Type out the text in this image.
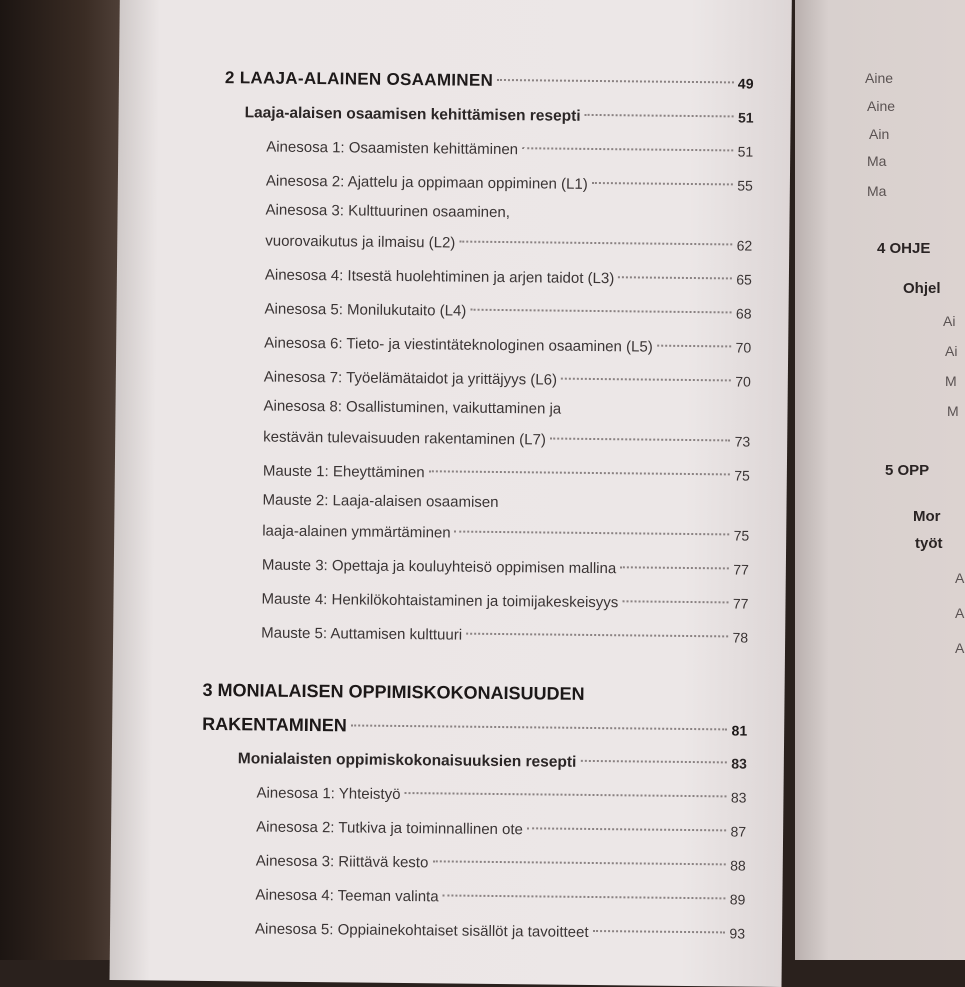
Aine
Aine
Ain
Ma
Ma
4 OHJE
Ohjel
Ai
Ai
M
M
5 OPP
Mor
työt
A
A
A
2 LAAJA-ALAINEN OSAAMINEN	49
Laaja-alaisen osaamisen kehittämisen resepti	51
Ainesosa 1: Osaamisten kehittäminen	51
Ainesosa 2: Ajattelu ja oppimaan oppiminen (L1)	55
Ainesosa 3: Kulttuurinen osaaminen,
vuorovaikutus ja ilmaisu (L2)	62
Ainesosa 4: Itsestä huolehtiminen ja arjen taidot (L3)	65
Ainesosa 5: Monilukutaito (L4)	68
Ainesosa 6: Tieto- ja viestintäteknologinen osaaminen (L5)	70
Ainesosa 7: Työelämätaidot ja yrittäjyys (L6)	70
Ainesosa 8: Osallistuminen, vaikuttaminen ja
kestävän tulevaisuuden rakentaminen (L7)	73
Mauste 1: Eheyttäminen	75
Mauste 2: Laaja-alaisen osaamisen
laaja-alainen ymmärtäminen	75
Mauste 3: Opettaja ja kouluyhteisö oppimisen mallina	77
Mauste 4: Henkilökohtaistaminen ja toimijakeskeisyys	77
Mauste 5: Auttamisen kulttuuri	78
3 MONIALAISEN OPPIMISKOKONAISUUDEN
RAKENTAMINEN	81
Monialaisten oppimiskokonaisuuksien resepti	83
Ainesosa 1: Yhteistyö	83
Ainesosa 2: Tutkiva ja toiminnallinen ote	87
Ainesosa 3: Riittävä kesto	88
Ainesosa 4: Teeman valinta	89
Ainesosa 5: Oppiainekohtaiset sisällöt ja tavoitteet	93
